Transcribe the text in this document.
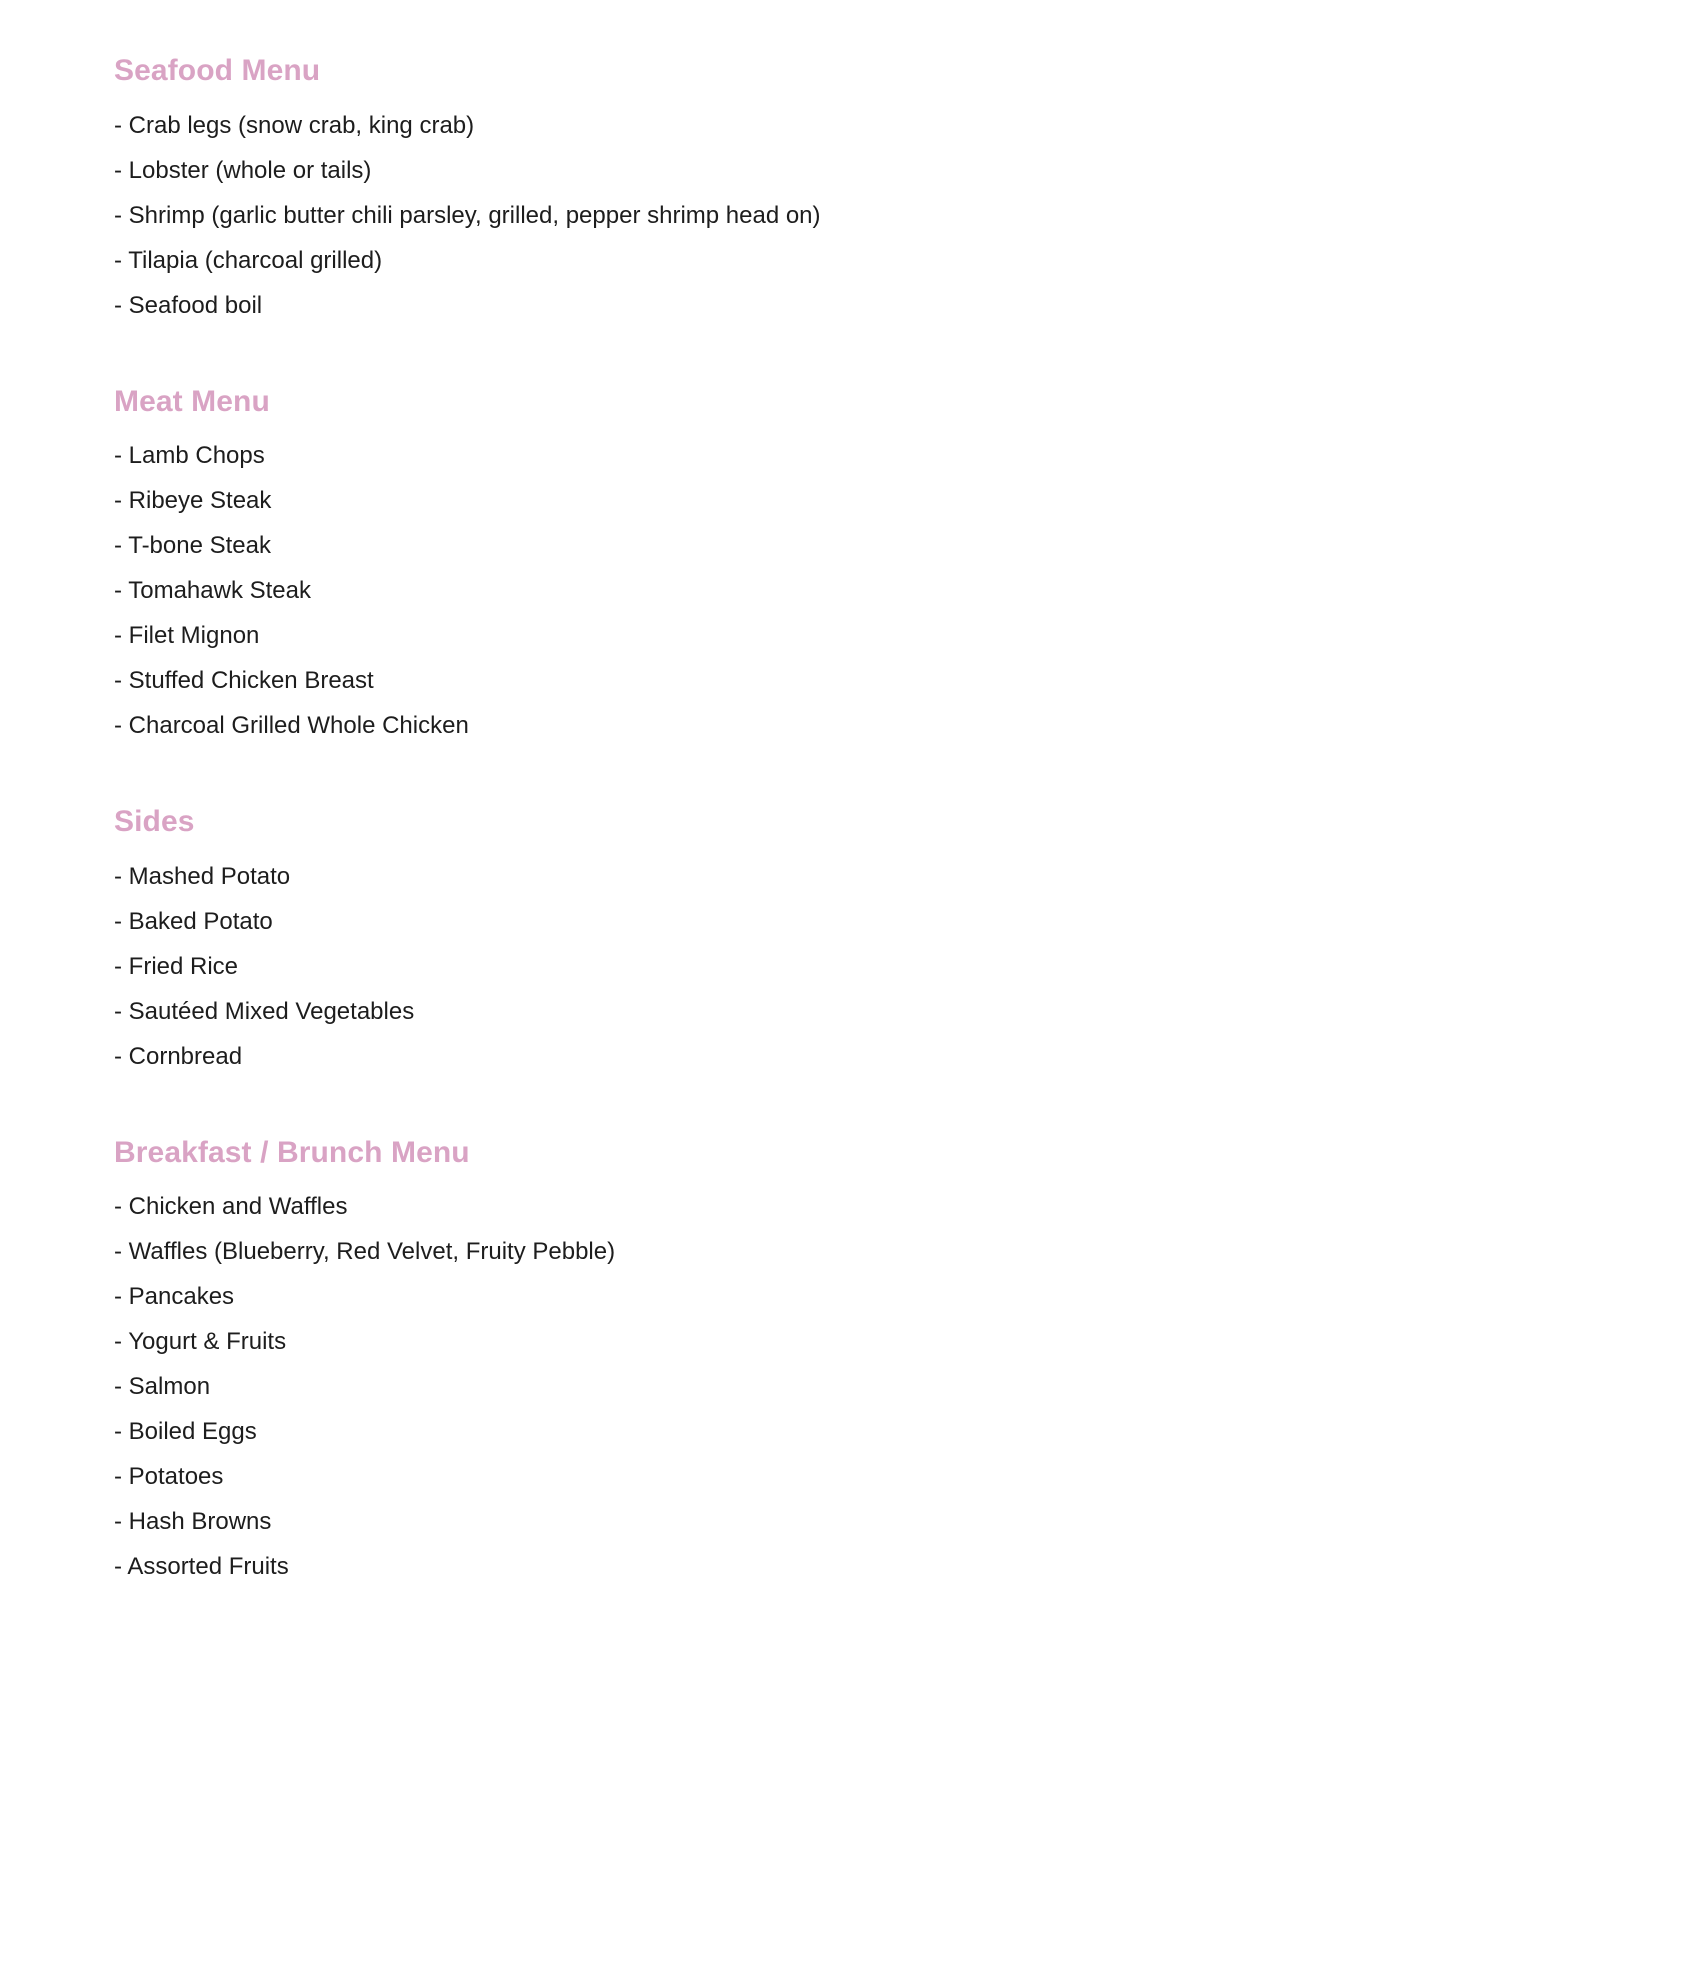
Seafood Menu
- Crab legs (snow crab, king crab)
- Lobster (whole or tails)
- Shrimp (garlic butter chili parsley, grilled, pepper shrimp head on)
- Tilapia (charcoal grilled)
- Seafood boil
Meat Menu
- Lamb Chops
- Ribeye Steak
- T-bone Steak
- Tomahawk Steak
- Filet Mignon
- Stuffed Chicken Breast
- Charcoal Grilled Whole Chicken
Sides
- Mashed Potato
- Baked Potato
- Fried Rice
- Sautéed Mixed Vegetables
- Cornbread
Breakfast / Brunch Menu
- Chicken and Waffles
- Waffles (Blueberry, Red Velvet, Fruity Pebble)
- Pancakes
- Yogurt & Fruits
- Salmon
- Boiled Eggs
- Potatoes
- Hash Browns
- Assorted Fruits
